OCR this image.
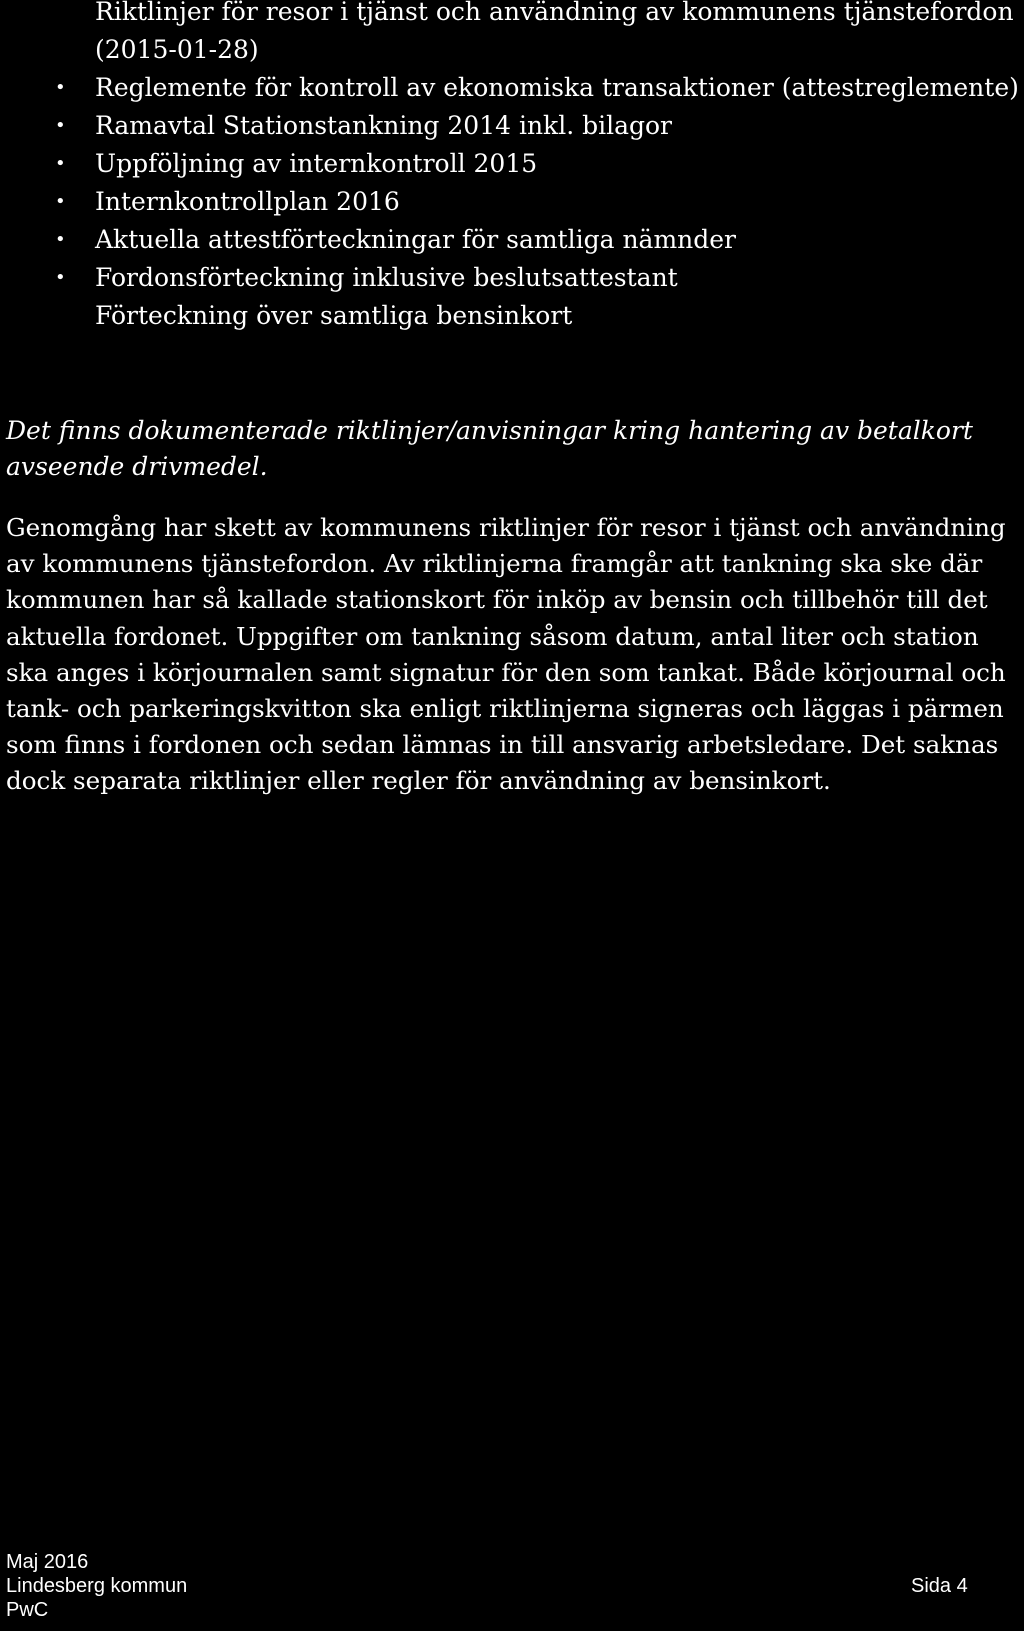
Riktlinjer för resor i tjänst och användning av kommunens tjänstefordon
(2015-01-28)
• Reglemente för kontroll av ekonomiska transaktioner (attestreglemente)
• Ramavtal Stationstankning 2014 inkl. bilagor
• Uppföljning av internkontroll 2015
• Internkontrollplan 2016
• Aktuella attestförteckningar för samtliga nämnder
• Fordonsförteckning inklusive beslutsattestant
Förteckning över samtliga bensinkort

Det finns dokumenterade riktlinjer/anvisningar kring hantering av betalkort avseende drivmedel.

Genomgång har skett av kommunens riktlinjer för resor i tjänst och användning av kommunens tjänstefordon. Av riktlinjerna framgår att tankning ska ske där kommunen har så kallade stationskort för inköp av bensin och tillbehör till det aktuella fordonet. Uppgifter om tankning såsom datum, antal liter och station ska anges i körjournalen samt signatur för den som tankat. Både körjournal och tank- och parkeringskvitton ska enligt riktlinjerna signeras och läggas i pärmen som finns i fordonen och sedan lämnas in till ansvarig arbetsledare. Det saknas dock separata riktlinjer eller regler för användning av bensinkort.

Maj 2016
Lindesberg kommun
PwC
Sida 4
